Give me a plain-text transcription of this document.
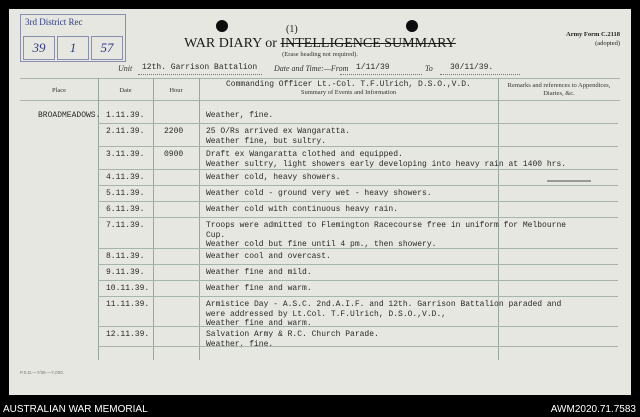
3rd District Rec
39	1	57
(1)
WAR DIARY or INTELLIGENCE SUMMARY
(Erase heading not required).
Army Form C.2118
(adopted)
Unit 12th. Garrison Battalion Date and Time:—From 1/11/39	To 30/11/39.
Place	Date	Hour
Commanding Officer Lt.-Col. T.F.Ulrich, D.S.O.,V.D.
Summary of Events and Information
Remarks and references to Appendices, Diaries, &c.
BROADMEADOWS. 1.11.39.	Weather, fine.
2.11.39. 2200	25 O/Rs arrived ex Wangaratta.
Weather fine, but sultry.
3.11.39. 0900	Draft ex Wangaratta clothed and equipped.
Weather sultry, light showers early developing into heavy rain at 1400 hrs.
4.11.39.	Weather cold, heavy showers.
5.11.39.	Weather cold - ground very wet - heavy showers.
6.11.39.	Weather cold with continuous heavy rain.
7.11.39.	Troops were admitted to Flemington Racecourse free in uniform for Melbourne
Cup.
Weather cold but fine until 4 pm., then showery.
8.11.39.	Weather cool and overcast.
9.11.39.	Weather fine and mild.
10.11.39.	Weather fine and warm.
11.11.39.	Armistice Day - A.S.C. 2nd.A.I.F. and 12th. Garrison Battalion paraded and
were addressed by Lt.Col. T.F.Ulrich, D.S.O.,V.D.,
Weather fine and warm.
12.11.39.	Salvation Army & R.C. Church Parade.
Weather, fine.
P.S.D.—7/39.—7,000.
AUSTRALIAN WAR MEMORIAL	AWM2020.71.7583
